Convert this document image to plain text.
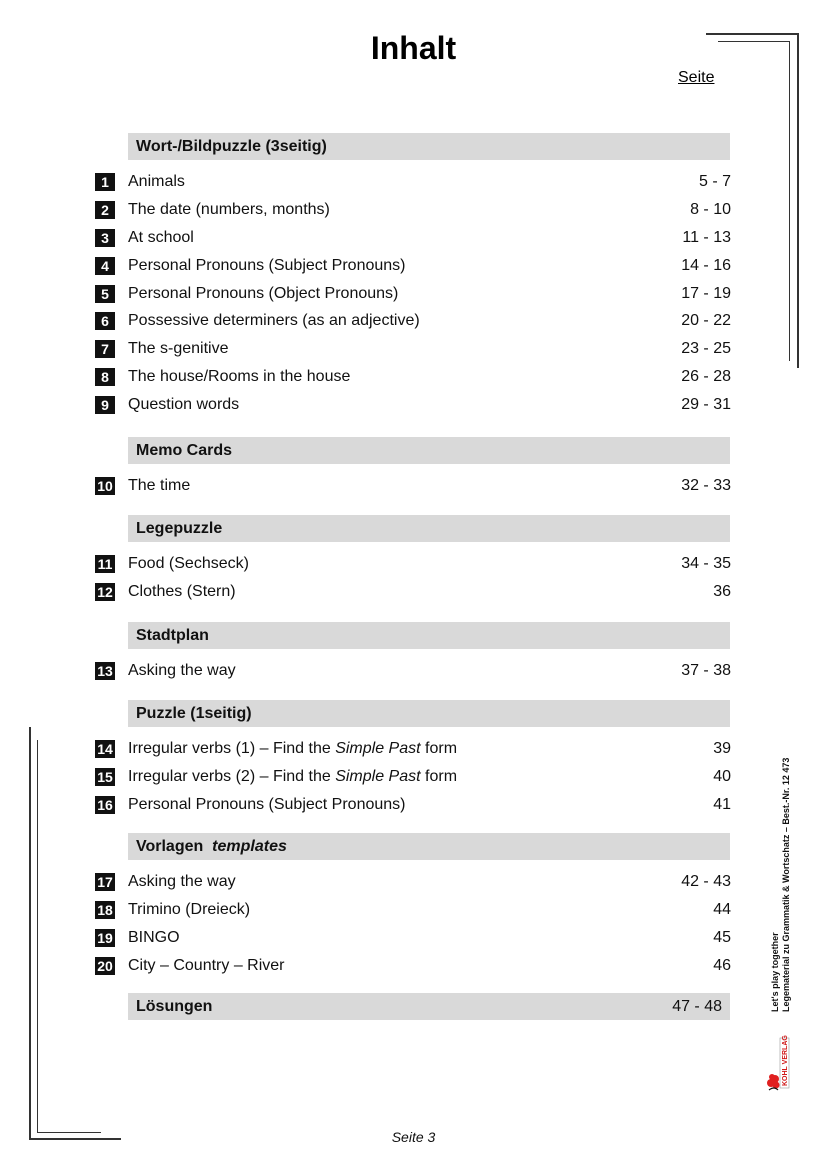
Inhalt
Seite
Wort-/Bildpuzzle (3seitig)
1	Animals	5 - 7
2	The date (numbers, months)	8 - 10
3	At school	11 - 13
4	Personal Pronouns (Subject Pronouns)	14 - 16
5	Personal Pronouns (Object Pronouns)	17 - 19
6	Possessive determiners (as an adjective)	20 - 22
7	The s-genitive	23 - 25
8	The house/Rooms in the house	26 - 28
9	Question words	29 - 31
Memo Cards
10 The time	32 - 33
Legepuzzle
11 Food (Sechseck)	34 - 35
12 Clothes (Stern)	36
Stadtplan
13 Asking the way	37 - 38
Puzzle (1seitig)
14 Irregular verbs (1) – Find the Simple Past form	39
15 Irregular verbs (2) – Find the Simple Past form	40
16 Personal Pronouns (Subject Pronouns)	41
Vorlagen templates
17 Asking the way	42 - 43
18 Trimino (Dreieck)	44
19 BINGO	45
20 City – Country – River	46
Lösungen	47 - 48	Let's play together Legematerial zu Grammatik & Wortschatz – Best.-Nr. 12 473
KOHL VERLAG
Seite 3
